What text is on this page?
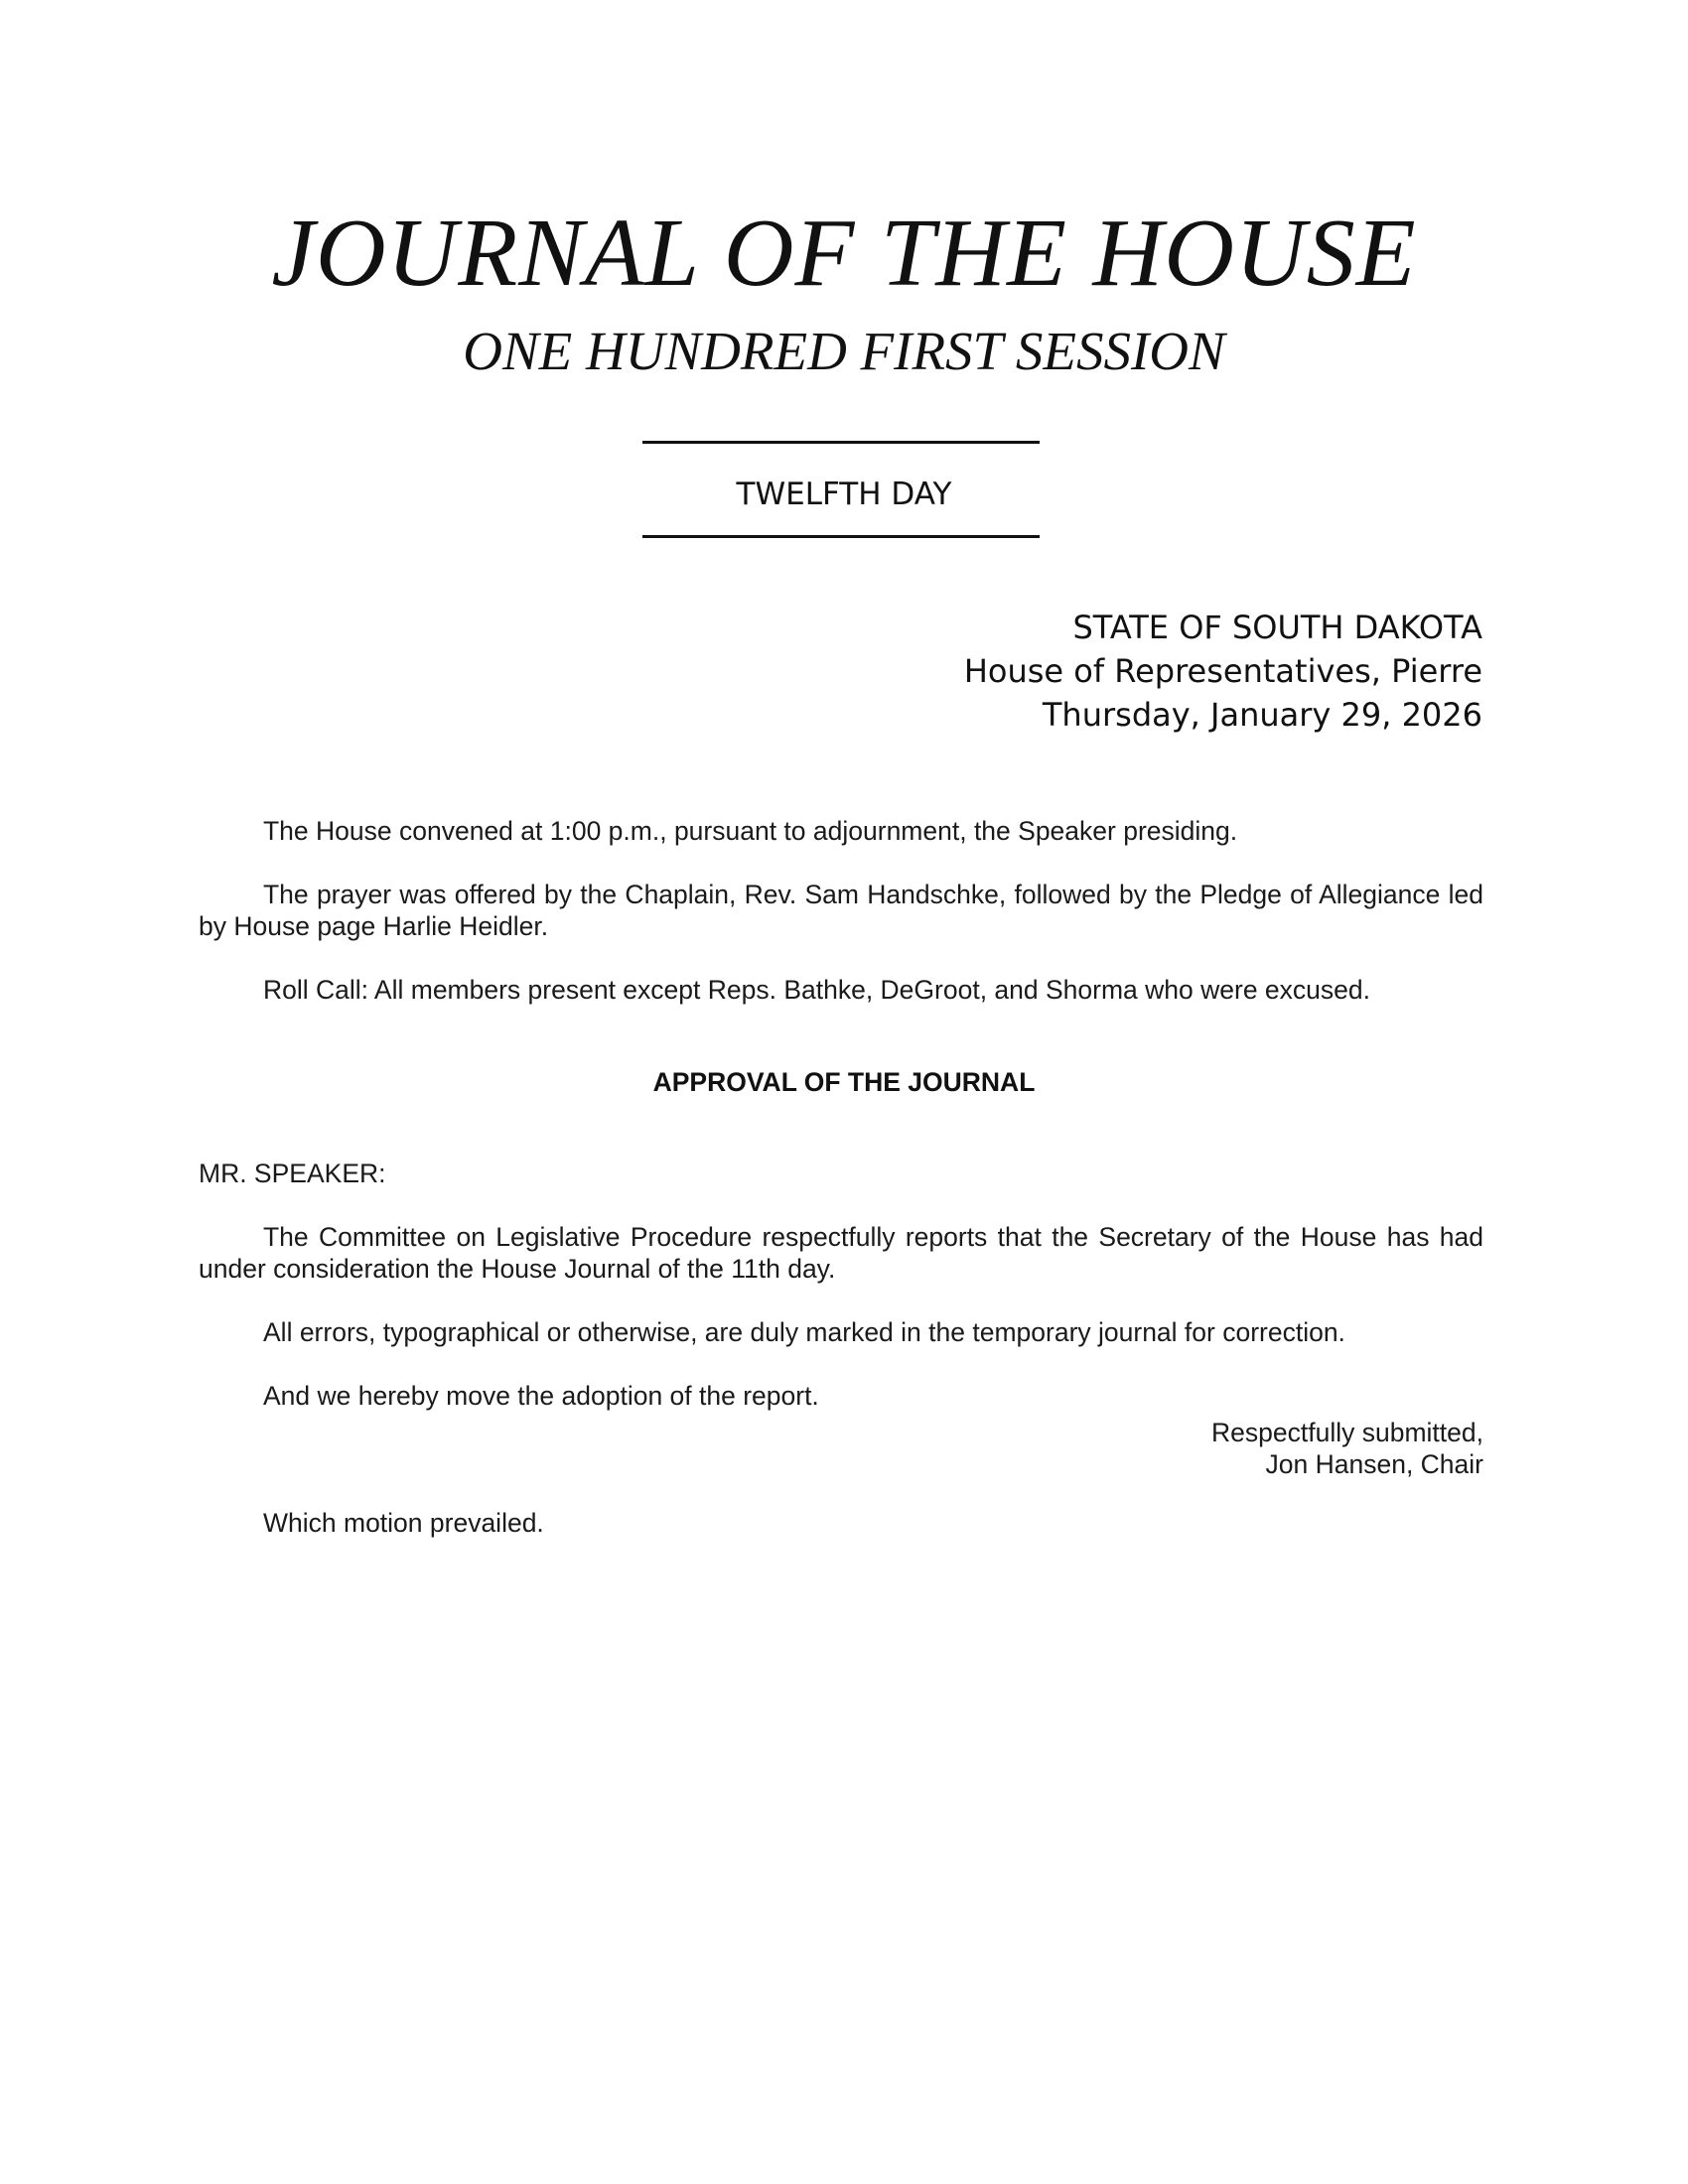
JOURNAL OF THE HOUSE
ONE HUNDRED FIRST SESSION
TWELFTH DAY
STATE OF SOUTH DAKOTA
House of Representatives, Pierre
Thursday, January 29, 2026

The House convened at 1:00 p.m., pursuant to adjournment, the Speaker presiding.

The prayer was offered by the Chaplain, Rev. Sam Handschke, followed by the Pledge of Allegiance led by House page Harlie Heidler.

Roll Call: All members present except Reps. Bathke, DeGroot, and Shorma who were excused.

APPROVAL OF THE JOURNAL

MR. SPEAKER:

The Committee on Legislative Procedure respectfully reports that the Secretary of the House has had under consideration the House Journal of the 11th day.

All errors, typographical or otherwise, are duly marked in the temporary journal for correction.

And we hereby move the adoption of the report.

Respectfully submitted,
Jon Hansen, Chair

Which motion prevailed.
